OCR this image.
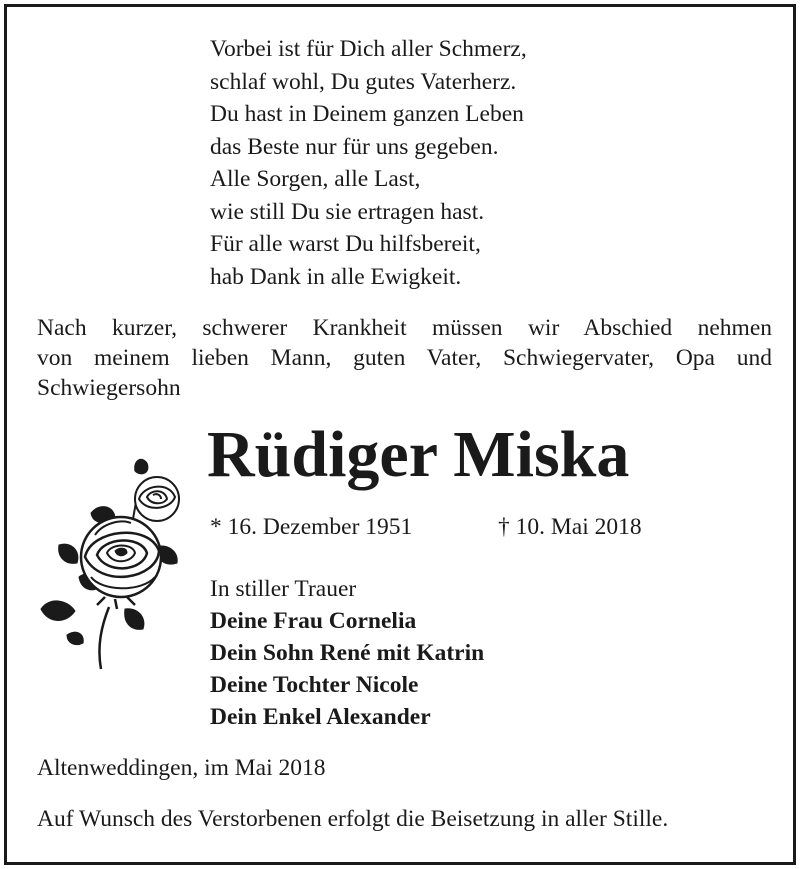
Vorbei ist für Dich aller Schmerz,
schlaf wohl, Du gutes Vaterherz.
Du hast in Deinem ganzen Leben
das Beste nur für uns gegeben.
Alle Sorgen, alle Last,
wie still Du sie ertragen hast.
Für alle warst Du hilfsbereit,
hab Dank in alle Ewigkeit.
Nach kurzer, schwerer Krankheit müssen wir Abschied nehmen
von meinem lieben Mann, guten Vater, Schwiegervater, Opa und
Schwiegersohn
Rüdiger Miska
* 16. Dezember 1951	† 10. Mai 2018
In stiller Trauer
Deine Frau Cornelia
Dein Sohn René mit Katrin
Deine Tochter Nicole
Dein Enkel Alexander
Altenweddingen, im Mai 2018
Auf Wunsch des Verstorbenen erfolgt die Beisetzung in aller Stille.
